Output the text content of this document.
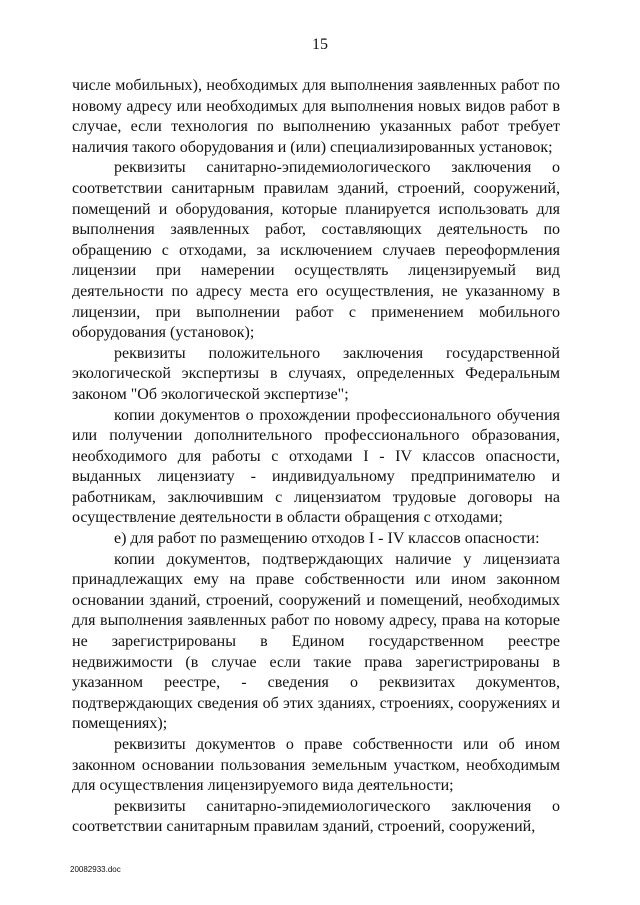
15

числе мобильных), необходимых для выполнения заявленных работ по новому адресу или необходимых для выполнения новых видов работ в случае, если технология по выполнению указанных работ требует наличия такого оборудования и (или) специализированных установок;

реквизиты санитарно-эпидемиологического заключения о соответствии санитарным правилам зданий, строений, сооружений, помещений и оборудования, которые планируется использовать для выполнения заявленных работ, составляющих деятельность по обращению с отходами, за исключением случаев переоформления лицензии при намерении осуществлять лицензируемый вид деятельности по адресу места его осуществления, не указанному в лицензии, при выполнении работ с применением мобильного оборудования (установок);

реквизиты положительного заключения государственной экологической экспертизы в случаях, определенных Федеральным законом "Об экологической экспертизе";

копии документов о прохождении профессионального обучения или получении дополнительного профессионального образования, необходимого для работы с отходами I - IV классов опасности, выданных лицензиату - индивидуальному предпринимателю и работникам, заключившим с лицензиатом трудовые договоры на осуществление деятельности в области обращения с отходами;

е) для работ по размещению отходов I - IV классов опасности:

копии документов, подтверждающих наличие у лицензиата принадлежащих ему на праве собственности или ином законном основании зданий, строений, сооружений и помещений, необходимых для выполнения заявленных работ по новому адресу, права на которые не зарегистрированы в Едином государственном реестре недвижимости (в случае если такие права зарегистрированы в указанном реестре, - сведения о реквизитах документов, подтверждающих сведения об этих зданиях, строениях, сооружениях и помещениях);

реквизиты документов о праве собственности или об ином законном основании пользования земельным участком, необходимым для осуществления лицензируемого вида деятельности;

реквизиты санитарно-эпидемиологического заключения о соответствии санитарным правилам зданий, строений, сооружений,

20082933.doc
